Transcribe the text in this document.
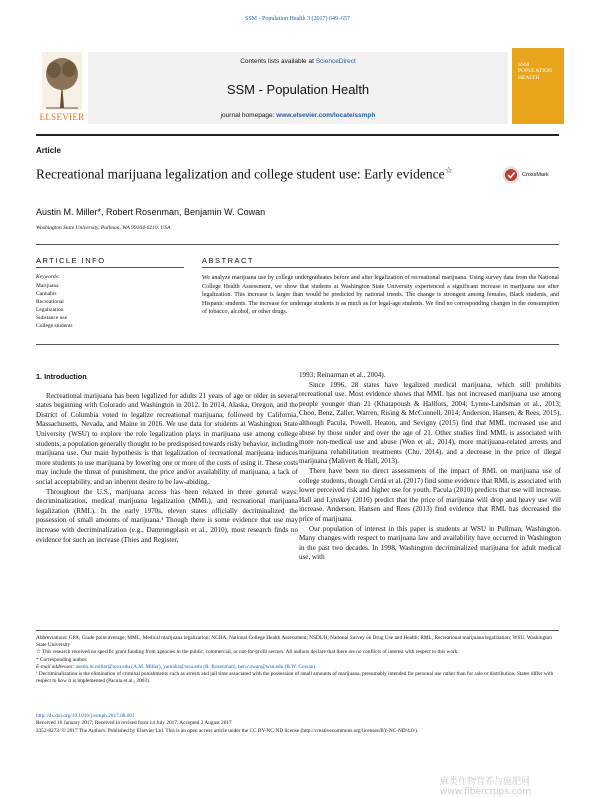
SSM - Population Health 3 (2017) 649–657
ELSEVIER
Contents lists available at ScienceDirect
SSM - Population Health
journal homepage: www.elsevier.com/locate/ssmph
SSM POPULATION HEALTH
Article
Recreational marijuana legalization and college student use: Early evidence☆	CrossMark
Austin M. Miller*, Robert Rosenman, Benjamin W. Cowan
Washington State University, Pullman, WA 99164-6210, USA
ARTICLE INFO
Keywords:
Marijuana
Cannabis
Recreational
Legalization
Substance use
College students
ABSTRACT
We analyze marijuana use by college undergraduates before and after legalization of recreational marijuana. Using survey data from the National College Health Assessment, we show that students at Washington State University experienced a significant increase in marijuana use after legalization. This increase is larger than would be predicted by national trends. The change is strongest among females, Black students, and Hispanic students. The increase for underage students is as much as for legal-age students. We find no corresponding changes in the consumption of tobacco, alcohol, or other drugs.

1. Introduction

Recreational marijuana has been legalized for adults 21 years of age or older in several states beginning with Colorado and Washington in 2012. In 2014, Alaska, Oregon, and the District of Columbia voted to legalize recreational marijuana, followed by California, Massachusetts, Nevada, and Maine in 2016. We use data for students at Washington State University (WSU) to explore the role legalization plays in marijuana use among college students, a population generally thought to be predisposed towards risky behavior, including marijuana use. Our main hypothesis is that legalization of recreational marijuana induces more students to use marijuana by lowering one or more of the costs of using it. These costs may include the threat of punishment, the price and/or availability of marijuana, a lack of social acceptability, and an inherent desire to be law-abiding.

Throughout the U.S., marijuana access has been relaxed in three general ways: decriminalization, medical marijuana legalization (MML), and recreational marijuana legalization (RML). In the early 1970s, eleven states officially decriminalized the possession of small amounts of marijuana.¹ Though there is some evidence that use may increase with decriminalization (e.g., Damrongplasit et al., 2010), most research finds no evidence for such an increase (Thies and Register,

1993; Reinarman et al., 2004).

Since 1996, 28 states have legalized medical marijuana, which still prohibits recreational use. Most evidence shows that MML has not increased marijuana use among people younger than 21 (Khatapoush & Hallfors, 2004; Lynne-Landsman et al., 2013; Choo, Benz, Zaller, Warren, Rising & McConnell, 2014; Anderson, Hansen, & Rees, 2015), although Pacula, Powell, Heaton, and Sevigny (2015) find that MML increased use and abuse by those under and over the age of 21. Other studies find MML is associated with more non-medical use and abuse (Wen et al., 2014), more marijuana-related arrests and marijuana rehabilitation treatments (Chu, 2014), and a decrease in the price of illegal marijuana (Malivert & Hall, 2013).

There have been no direct assessments of the impact of RML on marijuana use of college students, though Cerdá et al. (2017) find some evidence that RML is associated with lower perceived risk and higher use for youth. Pacula (2010) predicts that use will increase. Hall and Lynskey (2016) predict that the price of marijuana will drop and heavy use will increase. Anderson, Hansen and Rees (2013) find evidence that RML has decreased the price of marijuana.

Our population of interest in this paper is students at WSU in Pullman, Washington. Many changes with respect to marijuana law and availability have occurred in Washington in the past two decades. In 1998, Washington decriminalized marijuana for adult medical use, with

Abbreviations: GPA, Grade point average; MML, Medical marijuana legalization; NCHA, National College Health Assessment; NSDUH, National Survey on Drug Use and Health; RML, Recreational marijuana legalization; WSU, Washington State University

☆ This research received no specific grant funding from agencies in the public, commercial, or not-for-profit sectors. All authors declare that there are no conflicts of interest with respect to this work.

* Corresponding author.

E-mail addresses: austin.m.miller@wsu.edu (A.M. Miller), yamaka@wsu.edu (R. Rosenman), ben.cowan@wsu.edu (B.W. Cowan).

¹ Decriminalization is the elimination of criminal punishments such as arrests and jail time associated with the possession of small amounts of marijuana, presumably intended for personal use rather than for sale or distribution. States differ with respect to how it is implemented (Pacula et al., 2003).

http://dx.doi.org/10.1016/j.ssmph.2017.08.001

Received 16 January 2017; Received in revised form 14 July 2017; Accepted 2 August 2017

2352-8273/ © 2017 The Authors. Published by Elsevier Ltd. This is an open access article under the CC BY-NC-ND license (http://creativecommons.org/licenses/BY-NC-ND/4.0/).

麻类作物营养与施肥网 www.fibercrops.com
